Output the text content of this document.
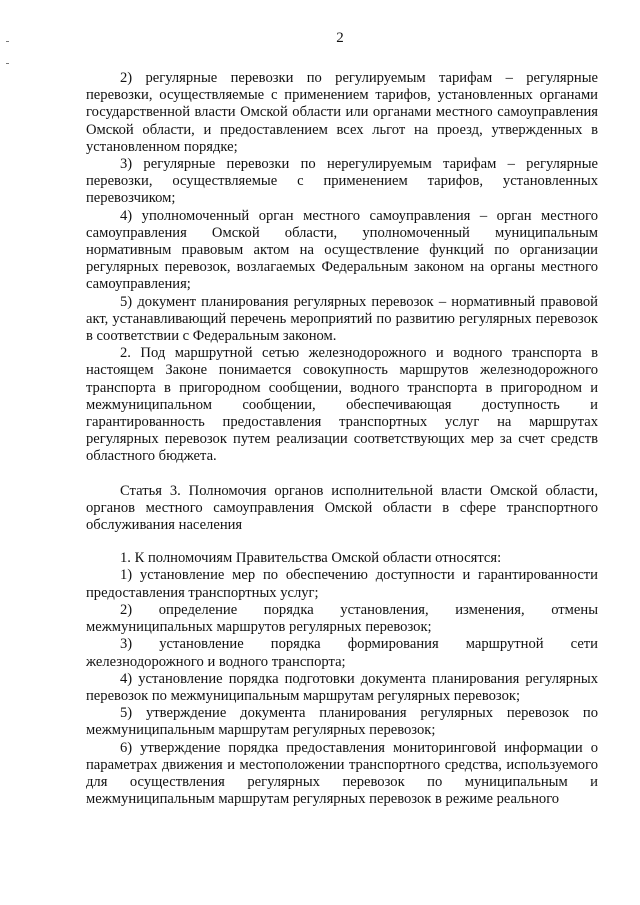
2

2) регулярные перевозки по регулируемым тарифам – регулярные перевозки, осуществляемые с применением тарифов, установленных органами государственной власти Омской области или органами местного самоуправления Омской области, и предоставлением всех льгот на проезд, утвержденных в установленном порядке;

3) регулярные перевозки по нерегулируемым тарифам – регулярные перевозки, осуществляемые с применением тарифов, установленных перевозчиком;

4) уполномоченный орган местного самоуправления – орган местного самоуправления Омской области, уполномоченный муниципальным нормативным правовым актом на осуществление функций по организации регулярных перевозок, возлагаемых Федеральным законом на органы местного самоуправления;

5) документ планирования регулярных перевозок – нормативный правовой акт, устанавливающий перечень мероприятий по развитию регулярных перевозок в соответствии с Федеральным законом.

2. Под маршрутной сетью железнодорожного и водного транспорта в настоящем Законе понимается совокупность маршрутов железнодорожного транспорта в пригородном сообщении, водного транспорта в пригородном и межмуниципальном сообщении, обеспечивающая доступность и гарантированность предоставления транспортных услуг на маршрутах регулярных перевозок путем реализации соответствующих мер за счет средств областного бюджета.

Статья 3. Полномочия органов исполнительной власти Омской области, органов местного самоуправления Омской области в сфере транспортного обслуживания населения

1. К полномочиям Правительства Омской области относятся:

1) установление мер по обеспечению доступности и гарантированности предоставления транспортных услуг;

2) определение порядка установления, изменения, отмены межмуниципальных маршрутов регулярных перевозок;

3) установление порядка формирования маршрутной сети железнодорожного и водного транспорта;

4) установление порядка подготовки документа планирования регулярных перевозок по межмуниципальным маршрутам регулярных перевозок;

5) утверждение документа планирования регулярных перевозок по межмуниципальным маршрутам регулярных перевозок;

6) утверждение порядка предоставления мониторинговой информации о параметрах движения и местоположении транспортного средства, используемого для осуществления регулярных перевозок по муниципальным и межмуниципальным маршрутам регулярных перевозок в режиме реального
